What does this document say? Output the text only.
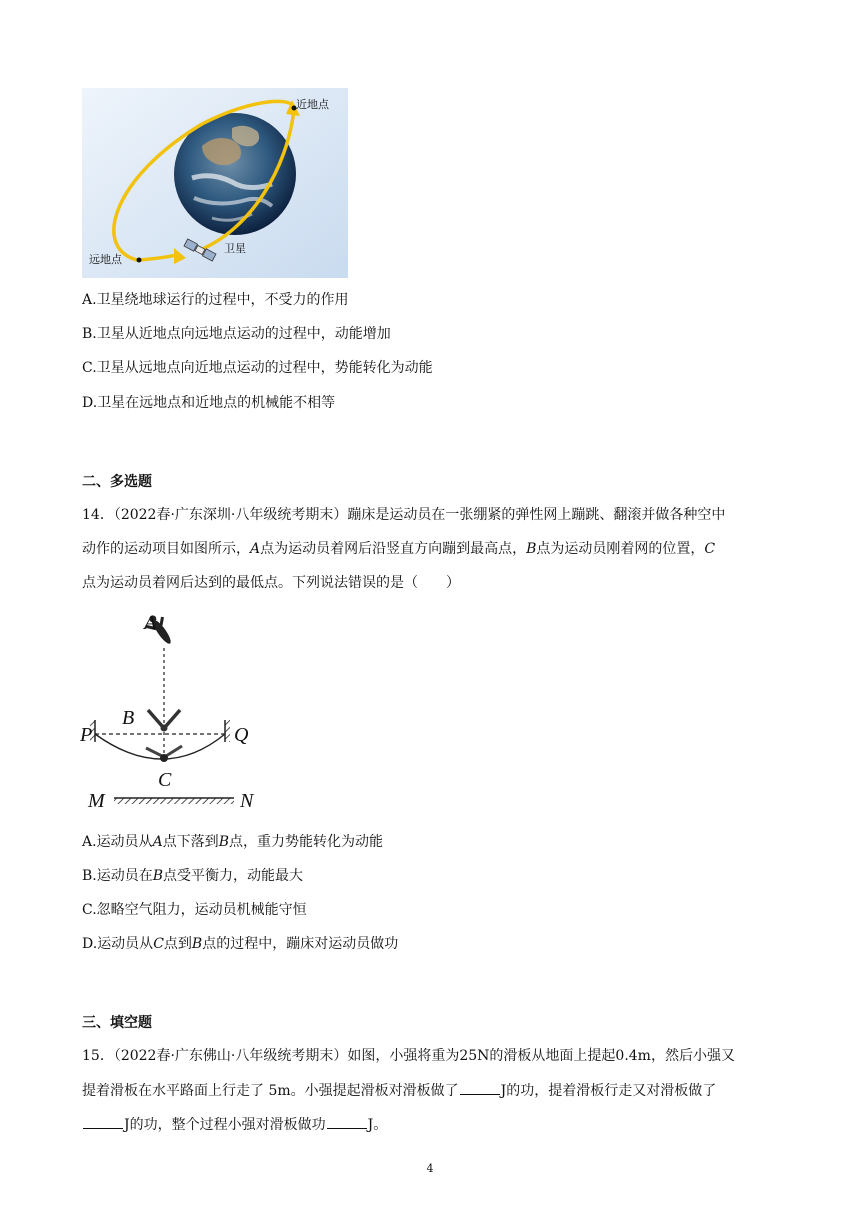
近地点
远地点
卫星
A.卫星绕地球运行的过程中，不受力的作用
B.卫星从近地点向远地点运动的过程中，动能增加
C.卫星从远地点向近地点运动的过程中，势能转化为动能
D.卫星在远地点和近地点的机械能不相等
二、多选题
14．（2022春·广东深圳·八年级统考期末）蹦床是运动员在一张绷紧的弹性网上蹦跳、翻滚并做各种空中
动作的运动项目如图所示，A点为运动员着网后沿竖直方向蹦到最高点，B点为运动员刚着网的位置，C
点为运动员着网后达到的最低点。下列说法错误的是（　　）
A
B
P	Q
C
M	N
A.运动员从A点下落到B点，重力势能转化为动能
B.运动员在B点受平衡力，动能最大
C.忽略空气阻力，运动员机械能守恒
D.运动员从C点到B点的过程中，蹦床对运动员做功
三、填空题
15．（2022春·广东佛山·八年级统考期末）如图，小强将重为25N的滑板从地面上提起0.4m，然后小强又
提着滑板在水平路面上行走了 5m。小强提起滑板对滑板做了	J的功，提着滑板行走又对滑板做了
J的功，整个过程小强对滑板做功	J。
4
